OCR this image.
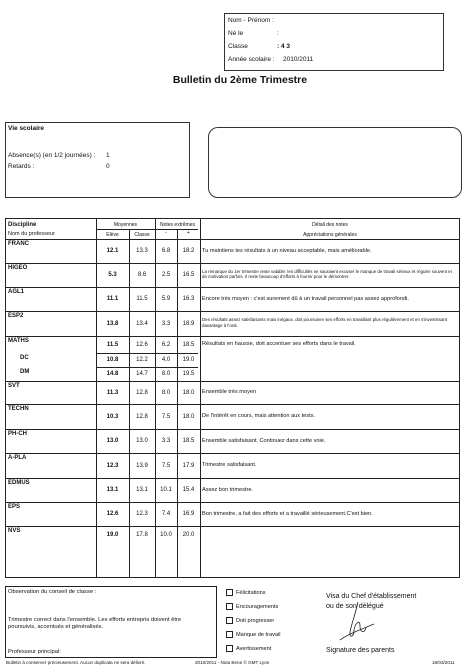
Nom - Prénom :
Né le	:
Classe	: 4 3
Année scolaire : 2010/2011
Bulletin du 2ème Trimestre
Vie scolaire
Absence(s) (en 1/2 journées) : 1
Retards :	0
Discipline
Nom du professeur
Moyennes
Elève	Classe
Notes extrêmes
-	+
Détail des notes
Appréciations générales
FRANC
12.1	13.3	6.8	18.2	Tu maintiens tes résultats à un niveau acceptable, mais améliorable.
HIGEO
5.3	8.6	2.5	16.5
La remarque du 1er trimestre reste valable: les difficultés ne sauraient excuser le manque de travail sérieux et réguler souvent et de motivation parfois. Il reste beaucoup d'efforts à fournir pour le démontrer.
AGL1
11.1	11.5	5.9	16.3	Encore très moyen : c'est surement dû à un travail personnel pas assez approfondi.
ESP2
13.8	13.4	3.3	18.9
Des résultats assez satisfaisants mais inégaux. doit poursuivre ses efforts en travaillant plus régulièrement et en s'investissant davantage à l'oral.
MATHS
11.5	12.6	6.2	18.5	Résultats en hausse, doit accentuer ses efforts dans le travail.
DC	10.8	12.2	4.0	19.0
DM	14.8	14.7	8.0	19.5
SVT
11.3	12.8	8.0	18.0	Ensemble très moyen
TECHN
10.3	12.8	7.5	18.0	De l'intérêt en cours, mais attention aux tests.
PH-CH
13.0	13.0	3.3	18.5	Ensemble satisfaisant. Continuez dans cette voie.
A-PLA
12.3	13.9	7.5	17.9	Trimestre satisfaisant.
EDMUS
13.1	13.1	10.1	15.4	Assez bon trimestre.
EPS
12.6	12.3	7.4	16.9	Bon trimestre, a fait des efforts et a travaillé sérieusement.C'est bien.
NVS
19.0	17.8	10.0	20.0
Observation du conseil de classe :
Trimestre correct dans l'ensemble. Les efforts entrepris doivent être poursuivis, accentués et généralisés.
Professeur principal:
Félicitations
Encouragements
Doit progresser
Manque de travail
Avertissement
Visa du Chef d'établissement
ou de son délégué
Signature des parents
Bulletin à conserver précieusement. Aucun duplicata ne sera délivré.	2010/2011 - Nota Bene © GMT Lyon	18/03/2011
